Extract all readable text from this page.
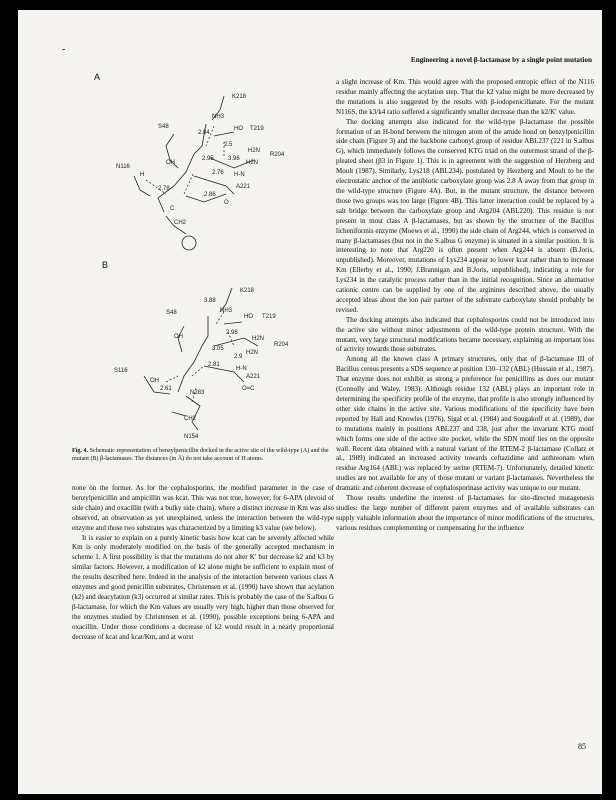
-
Engineering a novel β-lactamase by a single point mutation
A
B
K218
NH3
2.84
T219
HO
2.5
2.95 3.96
R204
H2N
H2N
2.76 H-N
N116
H
2.78
2.86
A221
S48
OH
O
C
CH2
K218
3.88
NH3
T219
HO
2.98
S48
3.05
H2N
R204
H2N
2.9
2.81
H-N
A221
S116
OH
2.61
N283
CH2
N154
OH
O=C
Fig. 4. Schematic representation of benzylpenicillin docked in the active site of the wild-type (A) and the mutant (B) β-lactamases. The distances (in Å) do not take account of H atoms.

none on the former. As for the cephalosporins, the modified parameter in the case of benzylpenicillin and ampicillin was kcat. This was not true, however, for 6-APA (devoid of side chain) and oxacillin (with a bulky side chain), where a distinct increase in Km was also observed, an observation as yet unexplained, unless the interaction between the wild-type enzyme and those two substrates was characterized by a limiting k3 value (see below).

It is easier to explain on a purely kinetic basis how kcat can be severely affected while Km is only moderately modified on the basis of the generally accepted mechanism in scheme 1. A first possibility is that the mutations do not alter K′ but decrease k2 and k3 by similar factors. However, a modification of k2 alone might be sufficient to explain most of the results described here. Indeed in the analysis of the interaction between various class A enzymes and good penicillin substrates, Christensen et al. (1990) have shown that acylation (k2) and deacylation (k3) occurred at similar rates. This is probably the case of the S.albus G β-lactamase, for which the Km values are usually very high, higher than those observed for the enzymes studied by Christensen et al. (1990), possible exceptions being 6-APA and oxacillin. Under those conditions a decrease of k2 would result in a nearly proportional decrease of kcat and kcat/Km, and at worst

a slight increase of Km. This would agree with the proposed entropic effect of the N116 residue mainly affecting the acylation step. That the k2 value might be more decreased by the mutations is also suggested by the results with β-iodopenicillanate. For the mutant N116S, the k3/k4 ratio suffered a significantly smaller decrease than the k2/K′ value.

The docking attempts also indicated for the wild-type β-lactamase the possible formation of an H-bond between the nitrogen atom of the amide bond on benzylpenicillin side chain (Figure 3) and the backbone carbonyl group of residue ABL237 (221 in S.albus G), which immediately follows the conserved KTG triad on the outermost strand of the β-pleated sheet (β3 in Figure 1). This is in agreement with the suggestion of Herzberg and Moult (1987). Similarly, Lys218 (ABL234), postulated by Herzberg and Moult to be the electrostatic anchor of the antibiotic carboxylate group was 2.8 Å away from that group in the wild-type structure (Figure 4A). But, in the mutant structure, the distance between those two groups was too large (Figure 4B). This latter interaction could be replaced by a salt bridge between the carboxylate group and Arg204 (ABL220). This residue is not present in most class A β-lactamases, but as shown by the structure of the Bacillus licheniformis enzyme (Moews et al., 1990) the side chain of Arg244, which is conserved in many β-lactamases (but not in the S.albus G enzyme) is situated in a similar position. It is interesting to note that Arg220 is often present when Arg244 is absent (B.Joris, unpublished). Moreover, mutations of Lys234 appear to lower kcat rather than to increase Km (Ellerby et al., 1990; J.Brannigan and B.Joris, unpublished), indicating a role for Lys234 in the catalytic process rather than in the initial recognition. Since an alternative cationic centre can be supplied by one of the arginines described above, the usually accepted ideas about the ion pair partner of the substrate carboxylate should probably be revised.

The docking attempts also indicated that cephalosporins could not be introduced into the active site without minor adjustments of the wild-type protein structure. With the mutant, very large structural modifications became necessary, explaining an important loss of activity towards those substrates.

Among all the known class A primary structures, only that of β-lactamase III of Bacillus cereus presents a SDS sequence at position 130–132 (ABL) (Hussain et al., 1987). That enzyme does not exhibit as strong a preference for penicillins as does our mutant (Connolly and Waley, 1983). Although residue 132 (ABL) plays an important role in determining the specificity profile of the enzyme, that profile is also strongly influenced by other side chains in the active site. Various modifications of the specificity have been reported by Hall and Knowles (1976), Sigal et al. (1984) and Sougakoff et al. (1989), due to mutations mainly in positions ABL237 and 238, just after the invariant KTG motif which forms one side of the active site pocket, while the SDN motif lies on the opposite wall. Recent data obtained with a natural variant of the RTEM-2 β-lactamase (Collatz et al., 1989) indicated an increased activity towards ceftazidime and azthreonam when residue Arg164 (ABL) was replaced by serine (RTEM-7). Unfortunately, detailed kinetic studies are not available for any of those mutant or variant β-lactamases. Nevertheless the dramatic and coherent decrease of cephalosporinase activity was unique to our mutant.

Those results underline the interest of β-lactamases for site-directed mutagenesis studies: the large number of different parent enzymes and of available substrates can supply valuable information about the importance of minor modifications of the structures, various residues complementing or compensating for the influence

85
